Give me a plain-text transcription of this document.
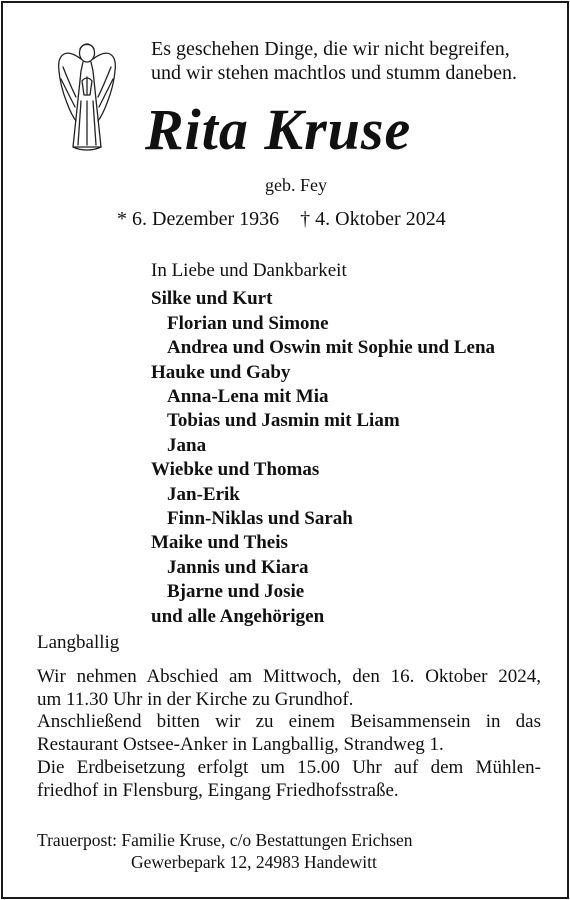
Es geschehen Dinge, die wir nicht begreifen,
und wir stehen machtlos und stumm daneben.
Rita Kruse
geb. Fey
* 6. Dezember 1936 † 4. Oktober 2024
In Liebe und Dankbarkeit
Silke und Kurt
Florian und Simone
Andrea und Oswin mit Sophie und Lena
Hauke und Gaby
Anna-Lena mit Mia
Tobias und Jasmin mit Liam
Jana
Wiebke und Thomas
Jan-Erik
Finn-Niklas und Sarah
Maike und Theis
Jannis und Kiara
Bjarne und Josie
und alle Angehörigen
Langballig
Wir nehmen Abschied am Mittwoch, den 16. Oktober 2024,
um 11.30 Uhr in der Kirche zu Grundhof.
Anschließend bitten wir zu einem Beisammensein in das
Restaurant Ostsee-Anker in Langballig, Strandweg 1.
Die Erdbeisetzung erfolgt um 15.00 Uhr auf dem Mühlen-
friedhof in Flensburg, Eingang Friedhofsstraße.
Trauerpost: Familie Kruse, c/o Bestattungen Erichsen
Gewerbepark 12, 24983 Handewitt
